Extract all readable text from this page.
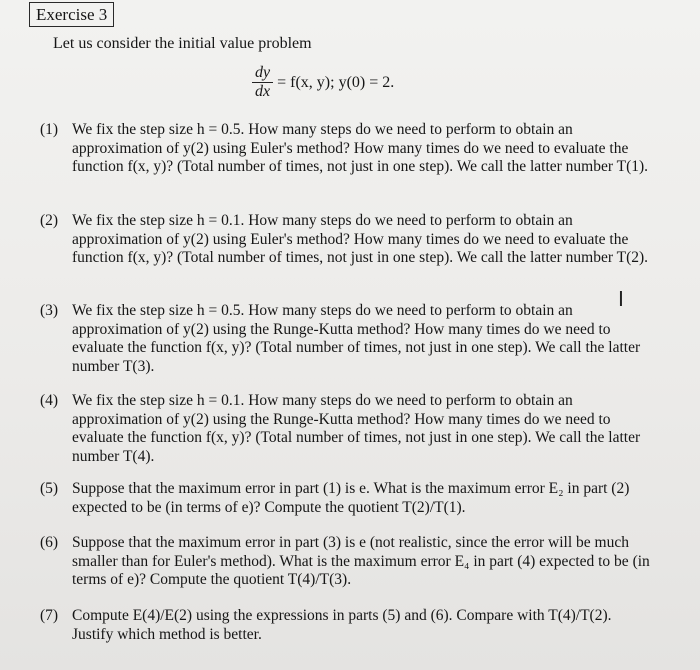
Exercise 3
Let us consider the initial value problem
$\frac{dy}{dx} = f(x$, y); y(0) = 2.
(1) We fix the step size h = 0.5. How many steps do we need to perform to obtain an approximation of y(2) using Euler's method? How many times do we need to evaluate the function f(x, y)? (Total number of times, not just in one step). We call the latter number T(1).
(2) We fix the step size h = 0.1. How many steps do we need to perform to obtain an approximation of y(2) using Euler's method? How many times do we need to evaluate the function f(x, y)? (Total number of times, not just in one step). We call the latter number T(2).
(3) We fix the step size h = 0.5. How many steps do we need to perform to obtain an approximation of y(2) using the Runge-Kutta method? How many times do we need to evaluate the function f(x, y)? (Total number of times, not just in one step). We call the latter number T(3).
(4) We fix the step size h = 0.1. How many steps do we need to perform to obtain an approximation of y(2) using the Runge-Kutta method? How many times do we need to evaluate the function f(x, y)? (Total number of times, not just in one step). We call the latter number T(4).
(5) Suppose that the maximum error in part (1) is e. What is the maximum error E₂ in part (2) expected to be (in terms of e)? Compute the quotient T(2)/T(1).
(6) Suppose that the maximum error in part (3) is e (not realistic, since the error will be much smaller than for Euler's method). What is the maximum error E₄ in part (4) expected to be (in terms of e)? Compute the quotient T(4)/T(3).
(7) Compute E(4)/E(2) using the expressions in parts (5) and (6). Compare with T(4)/T(2). Justify which method is better.
I
